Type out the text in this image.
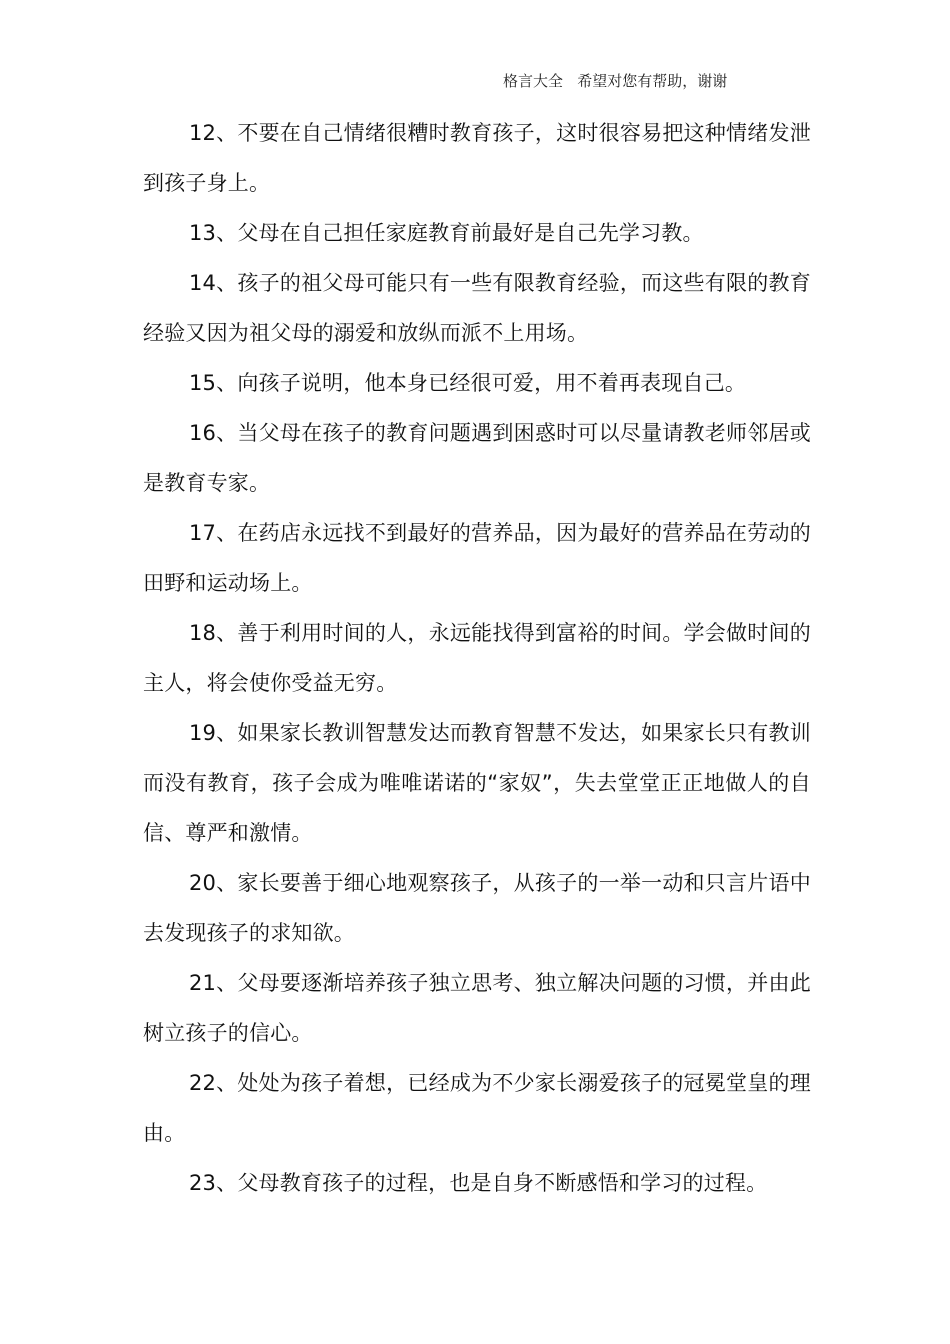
格言大全   希望对您有帮助，谢谢

12、不要在自己情绪很糟时教育孩子，这时很容易把这种情绪发泄到孩子身上。

13、父母在自己担任家庭教育前最好是自己先学习教。

14、孩子的祖父母可能只有一些有限教育经验，而这些有限的教育经验又因为祖父母的溺爱和放纵而派不上用场。

15、向孩子说明，他本身已经很可爱，用不着再表现自己。

16、当父母在孩子的教育问题遇到困惑时可以尽量请教老师邻居或是教育专家。

17、在药店永远找不到最好的营养品，因为最好的营养品在劳动的田野和运动场上。

18、善于利用时间的人，永远能找得到富裕的时间。学会做时间的主人，将会使你受益无穷。

19、如果家长教训智慧发达而教育智慧不发达，如果家长只有教训而没有教育，孩子会成为唯唯诺诺的“家奴”，失去堂堂正正地做人的自信、尊严和激情。

20、家长要善于细心地观察孩子，从孩子的一举一动和只言片语中去发现孩子的求知欲。

21、父母要逐渐培养孩子独立思考、独立解决问题的习惯，并由此树立孩子的信心。

22、处处为孩子着想，已经成为不少家长溺爱孩子的冠冕堂皇的理由。

23、父母教育孩子的过程，也是自身不断感悟和学习的过程。
